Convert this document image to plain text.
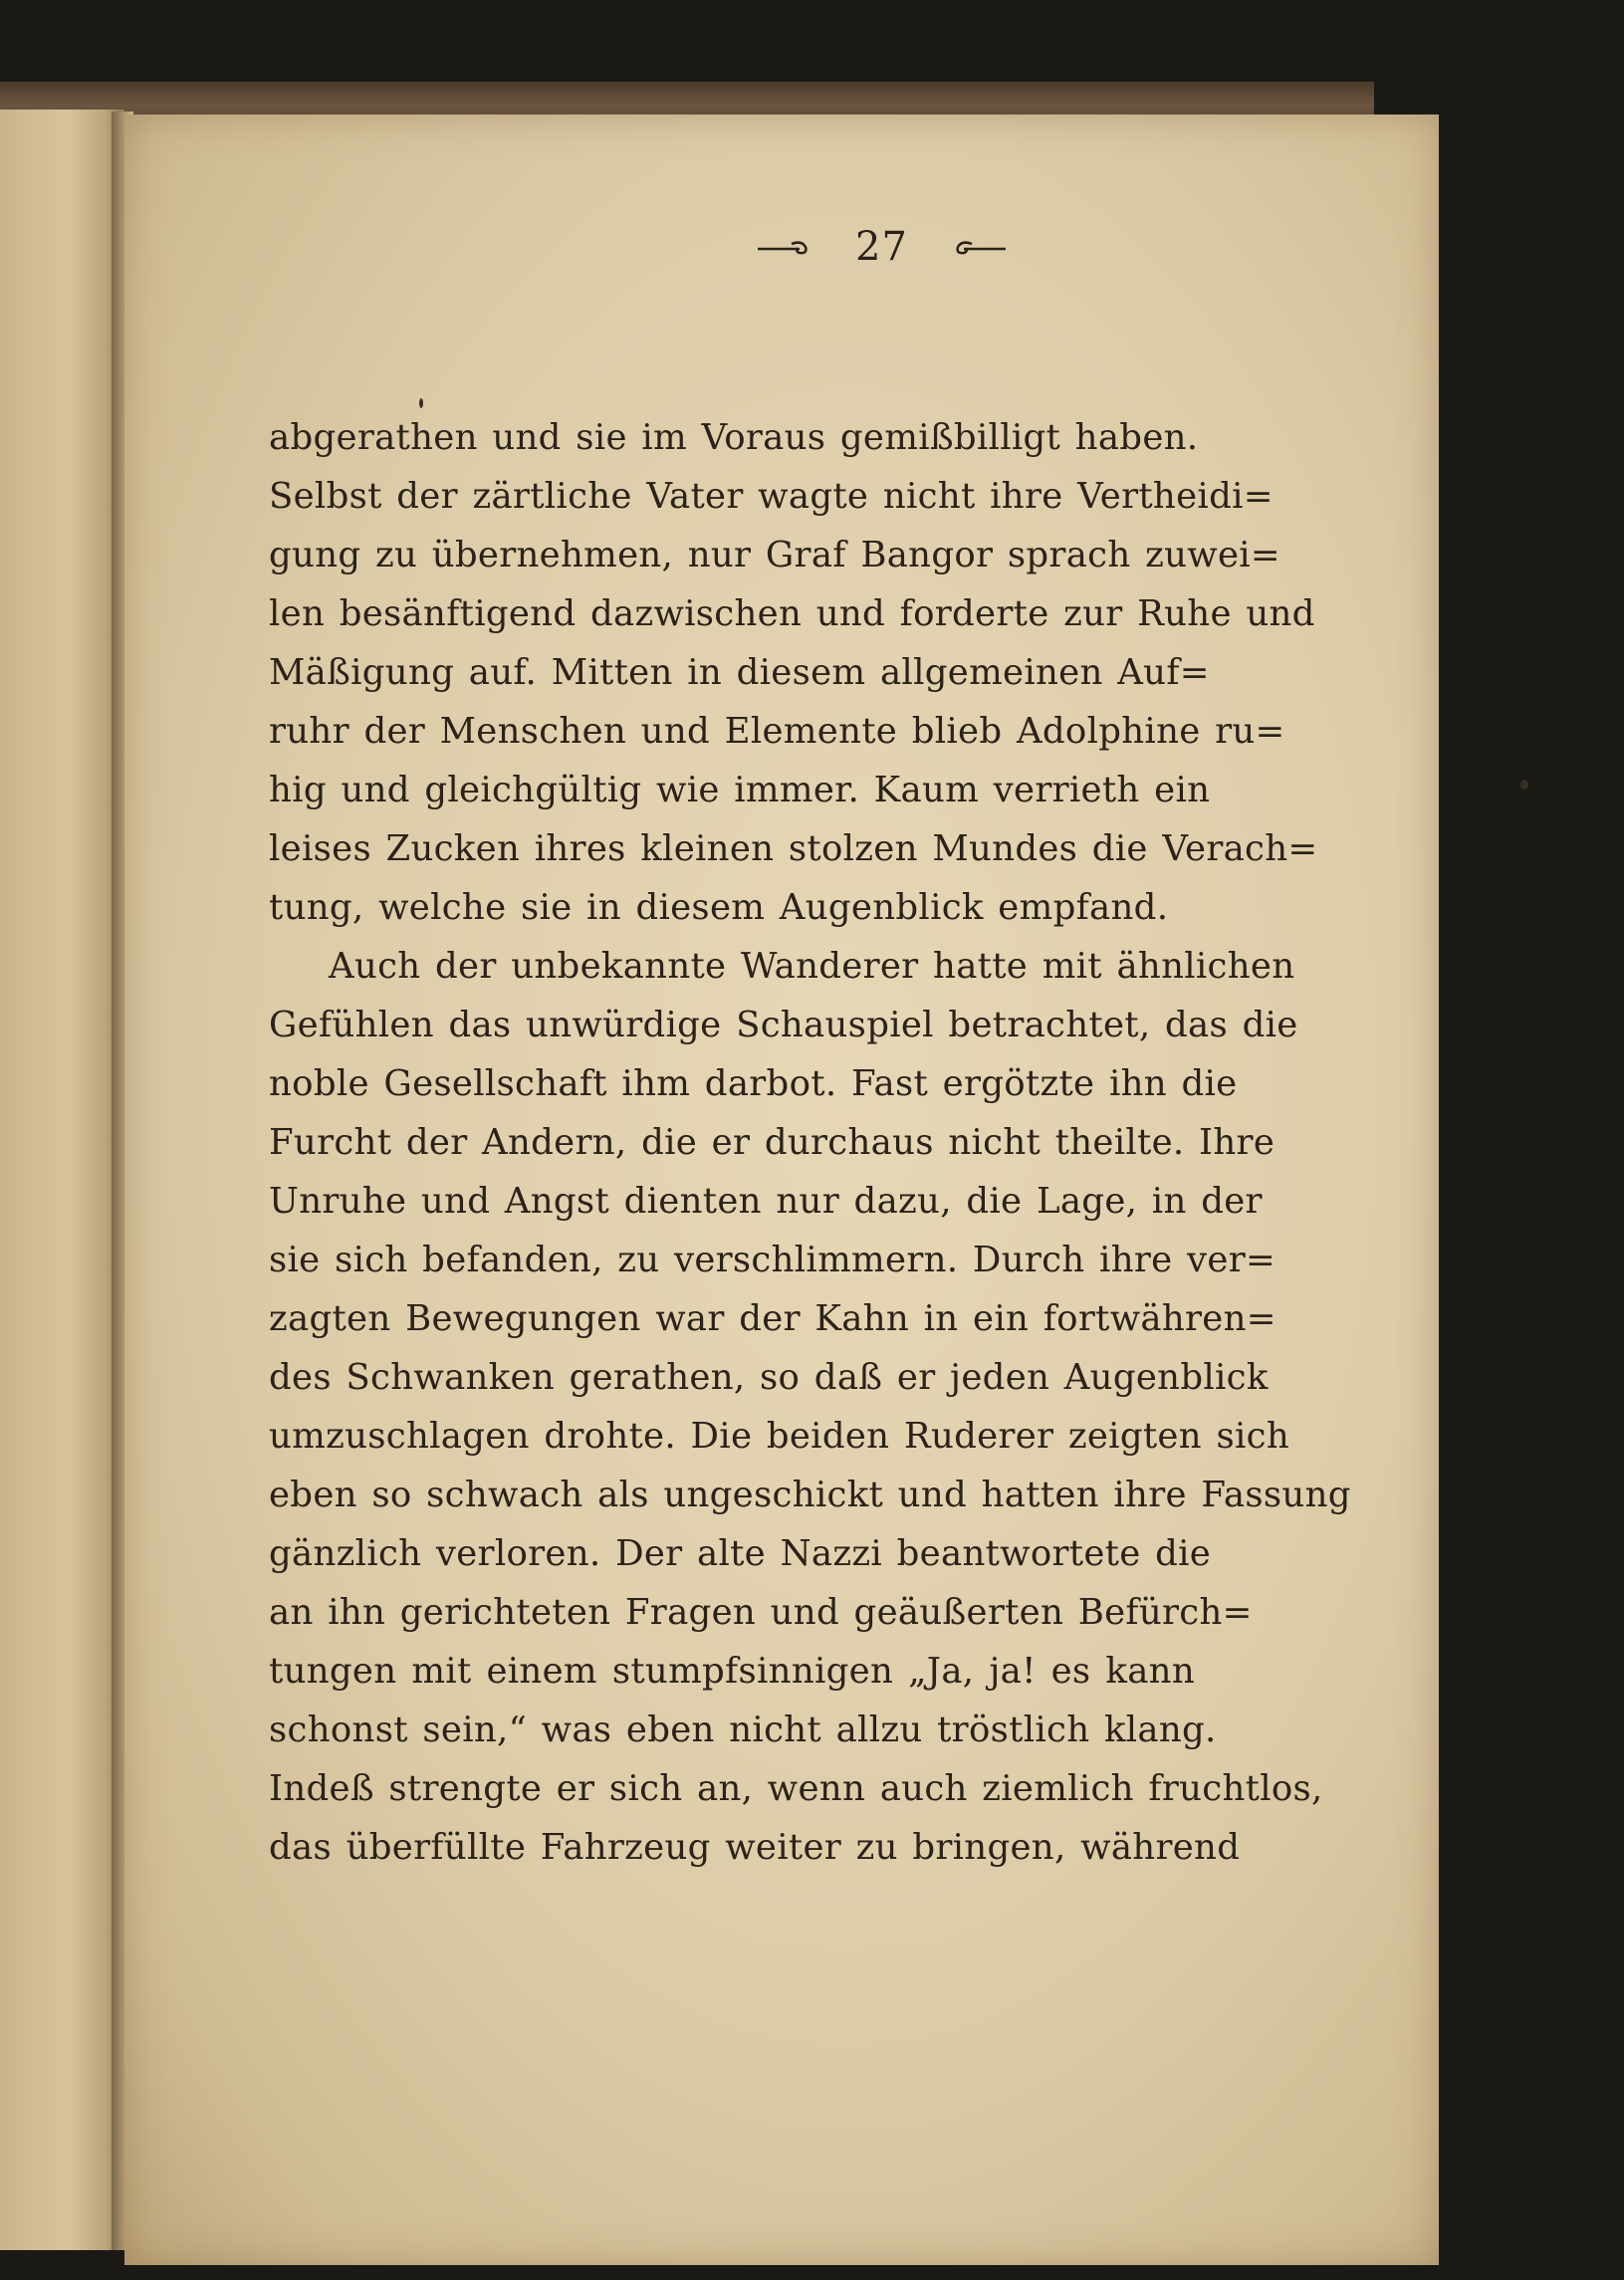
27
abgerathen und sie im Voraus gemißbilligt haben.
Selbst der zärtliche Vater wagte nicht ihre Vertheidi=
gung zu übernehmen, nur Graf Bangor sprach zuwei=
len besänftigend dazwischen und forderte zur Ruhe und
Mäßigung auf. Mitten in diesem allgemeinen Auf=
ruhr der Menschen und Elemente blieb Adolphine ru=
hig und gleichgültig wie immer. Kaum verrieth ein
leises Zucken ihres kleinen stolzen Mundes die Verach=
tung, welche sie in diesem Augenblick empfand.
Auch der unbekannte Wanderer hatte mit ähnlichen
Gefühlen das unwürdige Schauspiel betrachtet, das die
noble Gesellschaft ihm darbot. Fast ergötzte ihn die
Furcht der Andern, die er durchaus nicht theilte. Ihre
Unruhe und Angst dienten nur dazu, die Lage, in der
sie sich befanden, zu verschlimmern. Durch ihre ver=
zagten Bewegungen war der Kahn in ein fortwähren=
des Schwanken gerathen, so daß er jeden Augenblick
umzuschlagen drohte. Die beiden Ruderer zeigten sich
eben so schwach als ungeschickt und hatten ihre Fassung
gänzlich verloren. Der alte Nazzi beantwortete die
an ihn gerichteten Fragen und geäußerten Befürch=
tungen mit einem stumpfsinnigen „Ja, ja! es kann
schonst sein,“ was eben nicht allzu tröstlich klang.
Indeß strengte er sich an, wenn auch ziemlich fruchtlos,
das überfüllte Fahrzeug weiter zu bringen, während
